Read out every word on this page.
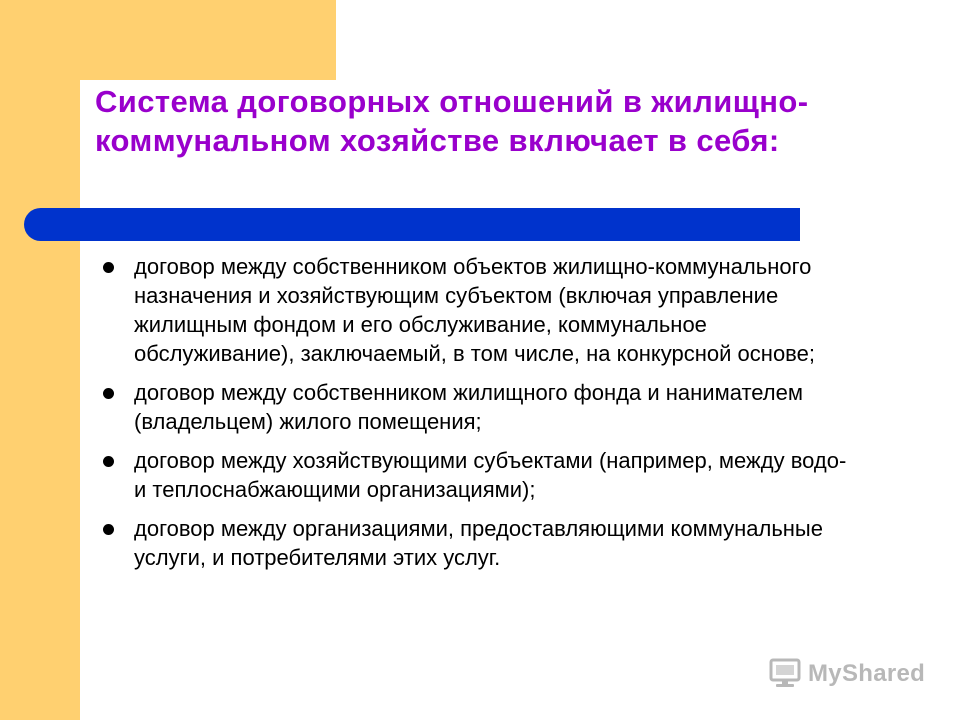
Система договорных отношений в жилищно-коммунальном хозяйстве включает в себя:
договор между собственником объектов жилищно-коммунального назначения и хозяйствующим субъектом (включая управление жилищным фондом и его обслуживание, коммунальное обслуживание), заключаемый, в том числе, на конкурсной основе;
договор между собственником жилищного фонда и нанимателем (владельцем) жилого помещения;
договор между хозяйствующими субъектами (например, между водо- и теплоснабжающими организациями);
договор между организациями, предоставляющими коммунальные услуги, и потребителями этих услуг.
MyShared
